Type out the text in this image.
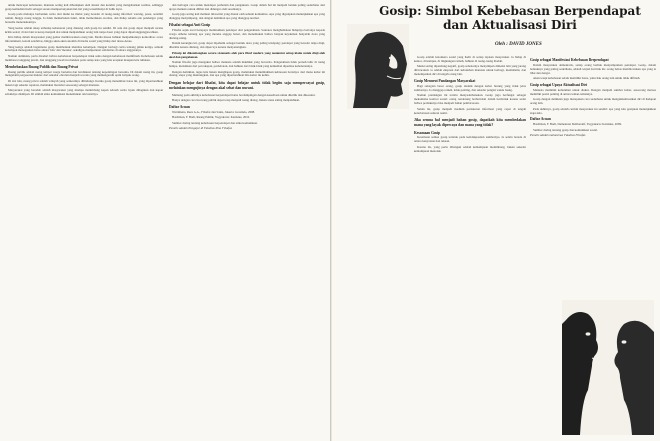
untuk mencapai kebenaran, manusia sering kali dihadapkan oleh situasi dan kondisi yang mengaburkan realitas, sehingga gosip kemudian hadir sebagai sarana mempertanyakan hal-hal yang tersembunyi di balik layar.

Gosip pada mulanya berbentuk cerita dari mulut ke mulut yang beredar di ruang-ruang informal: warung, pasar, serambi rumah, hingga ruang tunggu. Ia tidak memerlukan bukti, tidak memerlukan otoritas, dan hidup selama ada pendengar yang bersedia meneruskannya.

Yang kedua adalah sikap terhadap kebenaran yang diusung oleh gosip itu sendiri. Di satu sisi gosip dapat menjadi sarana kritik sosial; di sisi lain ia kerap menjadi alat untuk menjatuhkan orang lain tanpa dasar yang dapat dipertanggungjawabkan.

Kita hidup dalam masyarakat yang gemar membicarakan orang lain. Media massa bahkan menjadikannya komoditas: acara infotainment, kolom selebritas, hingga akun-akun anonim di media sosial yang hidup dari desas-desus.

Yang ketiga adalah bagaimana gosip membentuk identitas kelompok. Dengan berbagi cerita tentang pihak ketiga, sebuah kelompok menegaskan batas antara 'kita' dan 'mereka', sekaligus memperkuat solidaritas di antara anggotanya.

Namun demikian, perlu disadari bahwa kebebasan berpendapat tidak sama dengan kebebasan memfitnah. Kebebasan selalu membawa tanggung jawab, dan tanggung jawab itu melekat pada setiap kata yang kita ucapkan maupun kita tuliskan.

Membebaskan Ruang Publik dan Ruang Privat

Ruang publik adalah ruang tempat warga bertemu dan berdiskusi tentang kepentingan bersama. Di dalam ruang ini, gosip mengalami pergeseran makna: dari sekadar obrolan menjadi wacana yang memengaruhi opini banyak orang.

Di sisi lain, ruang privat adalah wilayah yang semestinya dilindungi. Ketika gosip menembus batas ini, yang dipertaruhkan bukan lagi sekadar reputasi, melainkan martabat seseorang sebagai manusia.

Masyarakat yang beradab adalah masyarakat yang mampu menimbang kapan sebuah cerita layak dibagikan dan kapan sebaiknya disimpan. Di sinilah etika komunikasi menemukan relevansinya.

dan berbagai cara untuk mendapat perhatian dan pengakuan. Gosip dalam hal ini menjadi bentuk paling sederhana dari upaya manusia untuk dilihat dan didengar oleh sesamanya.

Gosip juga sering kali memuat nilai-nilai yang dianut oleh sebuah komunitas. Apa yang digosipkan menunjukkan apa yang dianggap menyimpang, dan dengan demikian apa yang dianggap normal.

Filsafat sebagai Anti Gosip

Filsafat sejak awal berupaya memisahkan pendapat dari pengetahuan. Sokrates menghabiskan hidupnya bertanya kepada warga Athena tentang apa yang mereka anggap benar, dan menemukan bahwa banyak keyakinan hanyalah doxa yang diulang-ulang.

Dalam kerangka ini, gosip dapat dipahami sebagai bentuk doxa yang paling telanjang: pendapat yang beredar tanpa diuji, diterima karena diulang, dan dipercaya karena menyenangkan.

Prinsip ini dikembangkan secara sistematis oleh para filsuf modern yang menuntut setiap klaim untuk diuji oleh akal dan pengalaman.

Namun filsafat juga mengakui bahwa manusia adalah makhluk yang bercerita. Pengetahuan tidak pernah lahir di ruang hampa, melainkan dari percakapan, perdebatan, dan bahkan dari bisik-bisik yang kemudian diperiksa kebenarannya.

Dengan demikian, tugas kita bukan menghapus gosip, melainkan menumbuhkan kebiasaan bertanya: dari mana kabar ini datang, siapa yang diuntungkan, dan apa yang dipertaruhkan bila kabar itu keliru.

Dengan belajar dari filsafat, kita dapat belajar untuk tidak begitu saja mempercayai gosip, melainkan mengujinya dengan akal sehat dan nurani.

Memang pada akhirnya kebebasan berpendapat harus berdampingan dengan kesediaan untuk dikritik dan dikoreksi.

Hanya dengan cara itu ruang publik dapat tetap menjadi ruang dialog, bukan arena saling menjatuhkan.

Daftar Acuan

Wattimena, Reza A.A., Filsafat dan Sains, Jakarta: Grasindo, 2008.

Hardiman, F. Budi, Ruang Publik, Yogyakarta: Kanisius, 2010.

Sumber daring tentang kebebasan berpendapat dan etika komunikasi.

Penulis adalah Pengajar di Fakultas Ilmu Filsafat.

Gosip: Simbol Kebebasan Berpendapat
dan Aktualisasi Diri
Oleh : DAVID JONES

Gosip adalah fenomena sosial yang hadir di setiap lapisan masyarakat. Ia hidup di kantor, di kampus, di lingkungan rumah, bahkan di ruang-ruang ibadah.

Meski sering dipandang negatif, gosip sebenarnya menyimpan dimensi lain yang jarang dibicarakan: ia adalah ekspresi dari kebutuhan manusia untuk berbagi, memahami, dan menempatkan diri di tengah orang lain.

Gosip Menurut Pandangan Masyarakat

Bagi sebagian besar orang, gosip identik dengan kabar burung yang tidak jelas sumbernya. Ia dianggap remeh, tidak penting, dan sekadar pengisi waktu luang.

Namun pandangan ini terlalu menyederhanakan. Gosip juga berfungsi sebagai mekanisme kontrol sosial: orang cenderung berhati-hati dalam bertindak karena sadar bahwa perilakunya bisa menjadi bahan pembicaraan.

Selain itu, gosip menjadi medium pertukaran informasi yang cepat di tengah keterbatasan saluran resmi.

Jika semua hal menjadi bahan gosip, dapatkah kita membedakan mana yang layak dipercaya dan mana yang tidak?
Kesamaan Gosip

Kesamaan semua gosip terletak pada ketidakpastian sumbernya. Ia selalu berada di antara kenyataan dan rekaan.

Karena itu, yang perlu dibangun adalah kemampuan menimbang, bukan sekadar kemampuan menolak.

Gosip sebagai Manifestasi Kebebasan Berpendapat

Dalam masyarakat demokratis, setiap orang berhak menyampaikan pendapat. Gosip, dalam bentuknya yang paling sederhana, adalah wujud dari hak itu: orang bebas membicarakan apa yang ia lihat dan dengar.

Akan tetapi kebebasan selalu memiliki batas, yaitu hak orang lain untuk tidak difitnah.

Gosip sebagai Upaya Aktualisasi Diri

Manusia memiliki kebutuhan untuk diakui. Dengan menjadi sumber kabar, seseorang merasa memiliki posisi penting di antara teman-temannya.

Gosip dengan demikian juga merupakan cara sederhana untuk mengaktualisasikan diri di hadapan orang lain.

Pada akhirnya, gosip adalah cermin masyarakat itu sendiri: apa yang kita gosipkan menunjukkan siapa kita.

Daftar Acuan

Hardiman, F. Budi, Demokrasi Deliberatif, Yogyakarta: Kanisius, 2009.

Sumber daring tentang gosip dan komunikasi sosial.

Penulis adalah mahasiswa Fakultas Filsafat.
